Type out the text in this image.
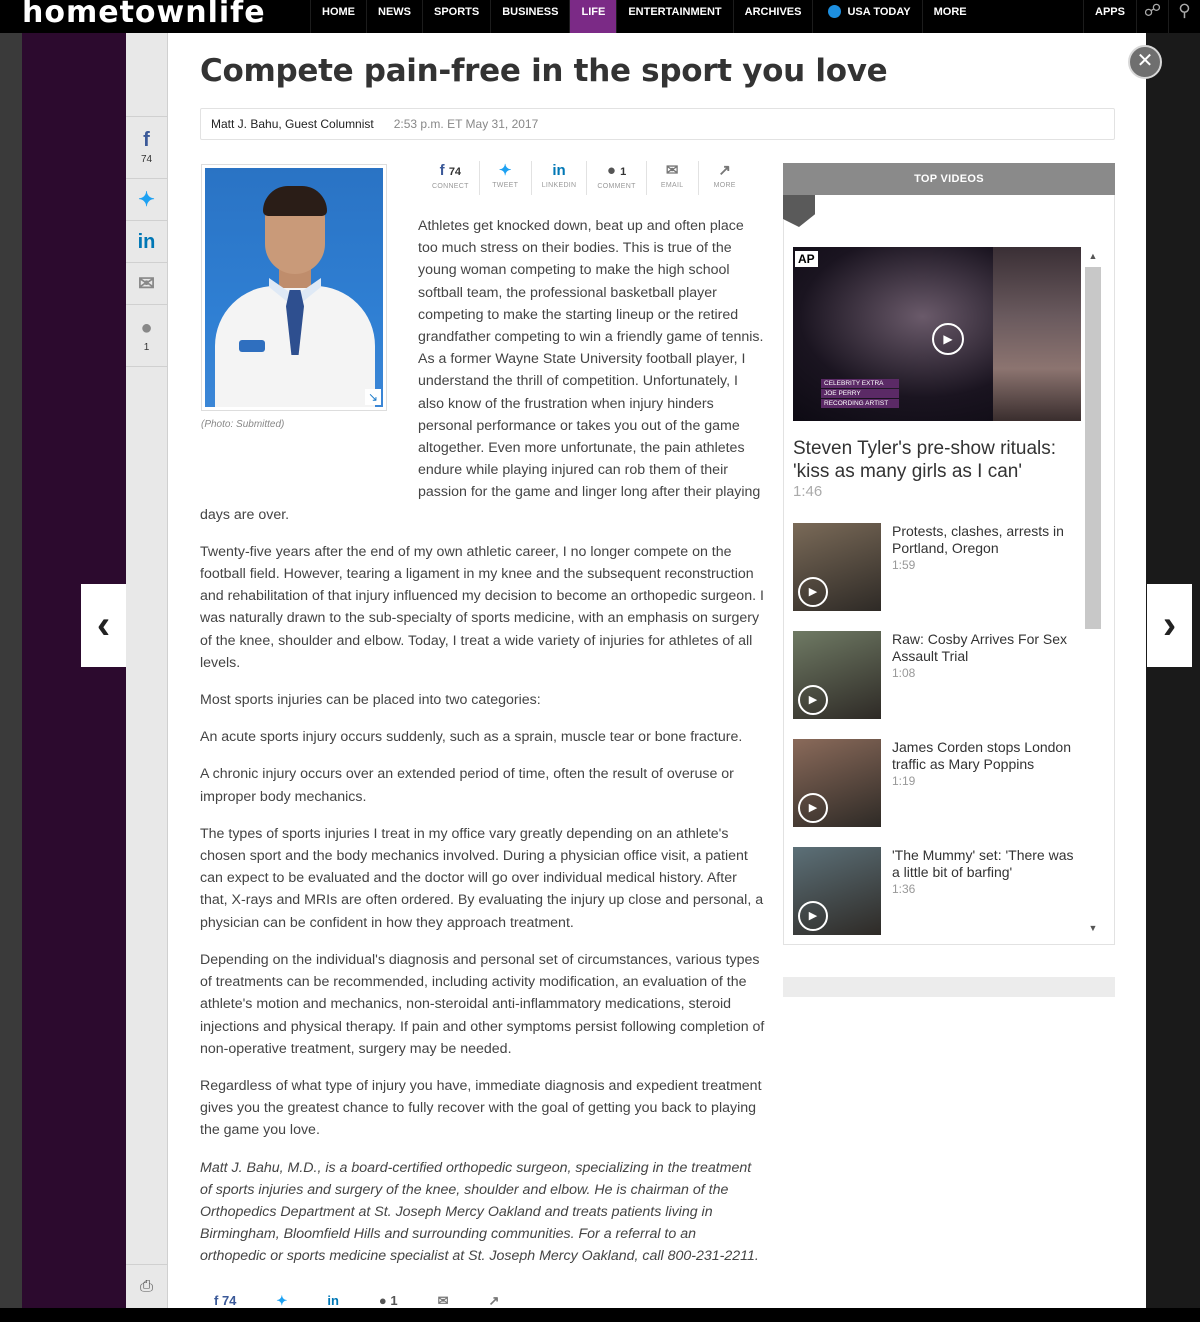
hometownlife	HOME	NEWS	SPORTS	BUSINESS	LIFE	ENTERTAINMENT	ARCHIVES	USA TODAY	MORE	APPS	☍	⚲
f
74
✦
in
✉
●
1
⎙
Compete pain-free in the sport you love
Matt J. Bahu, Guest Columnist 2:53 p.m. ET May 31, 2017
↘
(Photo: Submitted)
f 74
CONNECT
✦
TWEET
in
LINKEDIN
● 1
COMMENT
✉
EMAIL
↗
MORE

Athletes get knocked down, beat up and often place too much stress on their bodies. This is true of the young woman competing to make the high school softball team, the professional basketball player competing to make the starting lineup or the retired grandfather competing to win a friendly game of tennis. As a former Wayne State University football player, I understand the thrill of competition. Unfortunately, I also know of the frustration when injury hinders personal performance or takes you out of the game altogether. Even more unfortunate, the pain athletes endure while playing injured can rob them of their passion for the game and linger long after their playing days are over.

Twenty-five years after the end of my own athletic career, I no longer compete on the football field. However, tearing a ligament in my knee and the subsequent reconstruction and rehabilitation of that injury influenced my decision to become an orthopedic surgeon. I was naturally drawn to the sub-specialty of sports medicine, with an emphasis on surgery of the knee, shoulder and elbow. Today, I treat a wide variety of injuries for athletes of all levels.

Most sports injuries can be placed into two categories:

An acute sports injury occurs suddenly, such as a sprain, muscle tear or bone fracture.

A chronic injury occurs over an extended period of time, often the result of overuse or improper body mechanics.

The types of sports injuries I treat in my office vary greatly depending on an athlete's chosen sport and the body mechanics involved. During a physician office visit, a patient can expect to be evaluated and the doctor will go over individual medical history. After that, X-rays and MRIs are often ordered. By evaluating the injury up close and personal, a physician can be confident in how they approach treatment.

Depending on the individual's diagnosis and personal set of circumstances, various types of treatments can be recommended, including activity modification, an evaluation of the athlete's motion and mechanics, non-steroidal anti-inflammatory medications, steroid injections and physical therapy. If pain and other symptoms persist following completion of non-operative treatment, surgery may be needed.

Regardless of what type of injury you have, immediate diagnosis and expedient treatment gives you the greatest chance to fully recover with the goal of getting you back to playing the game you love.

Matt J. Bahu, M.D., is a board-certified orthopedic surgeon, specializing in the treatment of sports injuries and surgery of the knee, shoulder and elbow. He is chairman of the Orthopedics Department at St. Joseph Mercy Oakland and treats patients living in Birmingham, Bloomfield Hills and surrounding communities. For a referral to an orthopedic or sports medicine specialist at St. Joseph Mercy Oakland, call 800-231-2211.

f 74	✦	in	● 1	✉	↗
TOP VIDEOS
AP
CELEBRITY EXTRA
JOE PERRY
RECORDING ARTIST
▶
Steven Tyler's pre-show rituals: 'kiss as many girls as I can'
1:46
▶
Protests, clashes, arrests in Portland, Oregon
1:59
▶
Raw: Cosby Arrives For Sex Assault Trial
1:08
▶
James Corden stops London traffic as Mary Poppins
1:19
▶
'The Mummy' set: 'There was a little bit of barfing'
1:36
▲
▼
✕
‹	›
